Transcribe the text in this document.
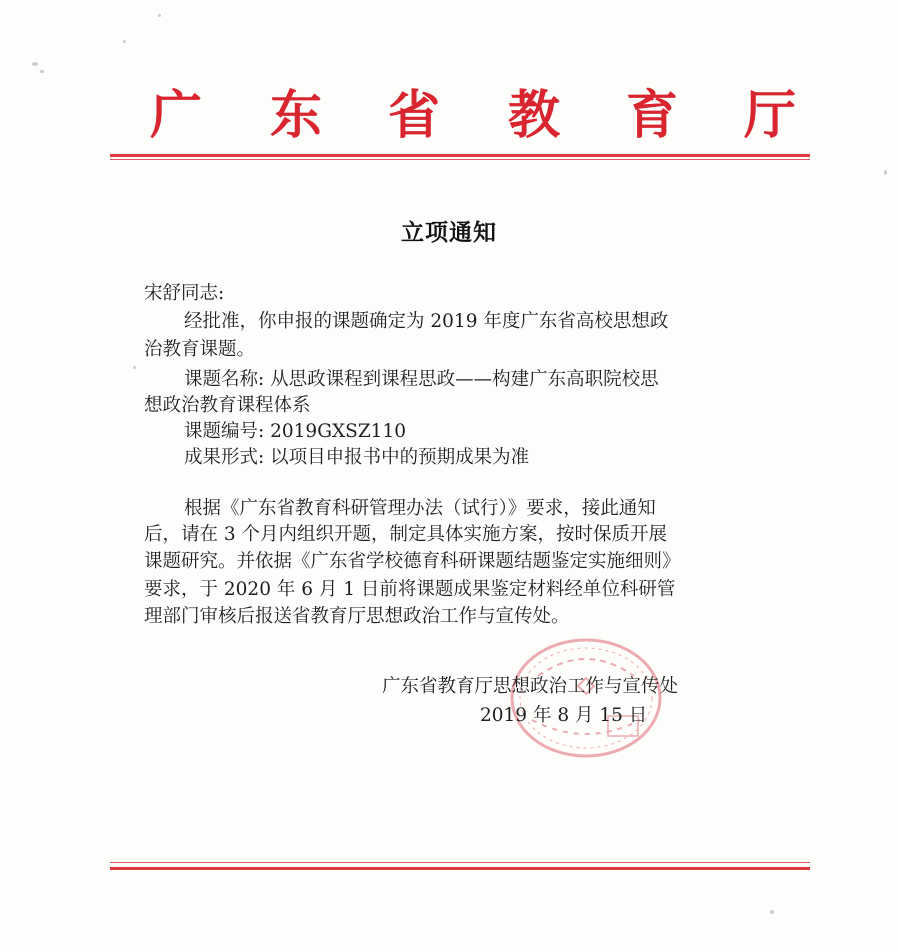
广 东 省 教 育 厅
立项通知
宋舒同志:
经批准，你申报的课题确定为 2019 年度广东省高校思想政
治教育课题。
课题名称: 从思政课程到课程思政——构建广东高职院校思
想政治教育课程体系
课题编号: 2019GXSZ110
成果形式: 以项目申报书中的预期成果为准
根据《广东省教育科研管理办法（试行）》要求，接此通知
后，请在 3 个月内组织开题，制定具体实施方案，按时保质开展
课题研究。并依据《广东省学校德育科研课题结题鉴定实施细则》
要求，于 2020 年 6 月 1 日前将课题成果鉴定材料经单位科研管
理部门审核后报送省教育厅思想政治工作与宣传处。
广东省教育厅思想政治工作与宣传处
2019 年 8 月 15 日
